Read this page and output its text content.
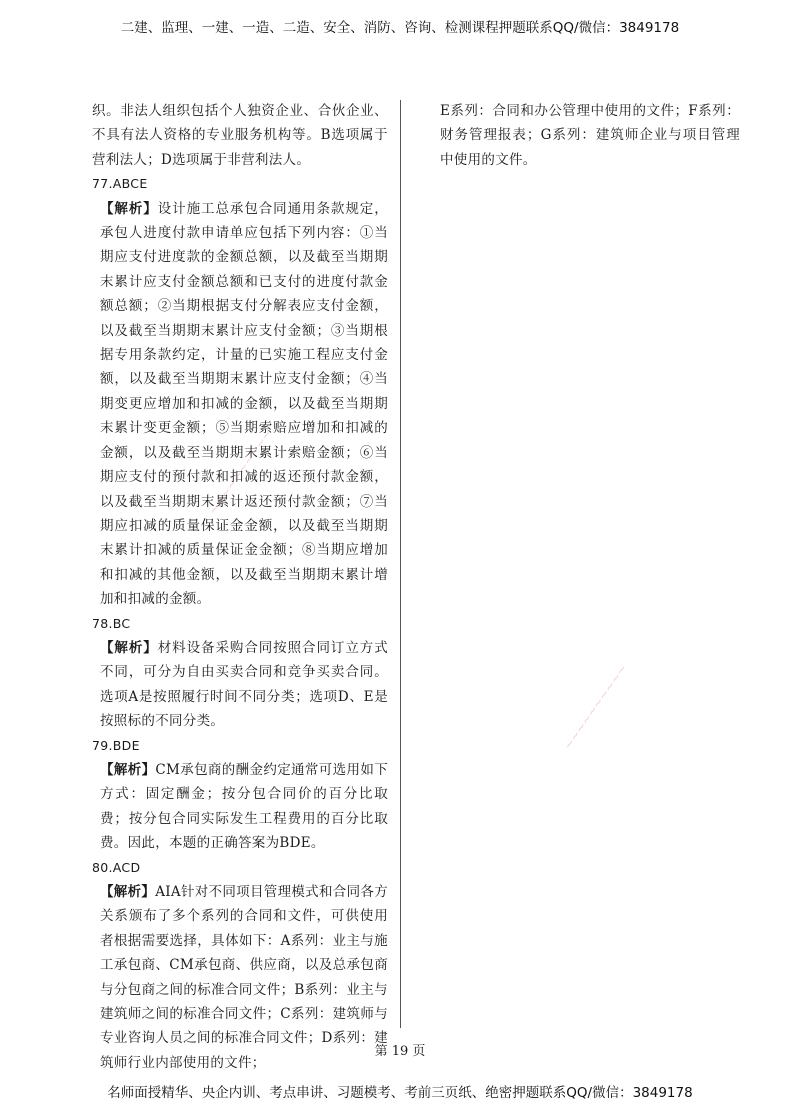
二建、监理、一建、一造、二造、安全、消防、咨询、检测课程押题联系QQ/微信：3849178

织。非法人组织包括个人独资企业、合伙企业、不具有法人资格的专业服务机构等。B选项属于营利法人；D选项属于非营利法人。

77.ABCE

【解析】设计施工总承包合同通用条款规定，承包人进度付款申请单应包括下列内容：①当期应支付进度款的金额总额，以及截至当期期末累计应支付金额总额和已支付的进度付款金额总额；②当期根据支付分解表应支付金额，以及截至当期期末累计应支付金额；③当期根据专用条款约定，计量的已实施工程应支付金额，以及截至当期期末累计应支付金额；④当期变更应增加和扣减的金额，以及截至当期期末累计变更金额；⑤当期索赔应增加和扣减的金额，以及截至当期期末累计索赔金额；⑥当期应支付的预付款和扣减的返还预付款金额，以及截至当期期末累计返还预付款金额；⑦当期应扣减的质量保证金金额，以及截至当期期末累计扣减的质量保证金金额；⑧当期应增加和扣减的其他金额，以及截至当期期末累计增加和扣减的金额。

78.BC

【解析】材料设备采购合同按照合同订立方式不同，可分为自由买卖合同和竞争买卖合同。选项A是按照履行时间不同分类；选项D、E是按照标的不同分类。

79.BDE

【解析】CM承包商的酬金约定通常可选用如下方式：固定酬金；按分包合同价的百分比取费；按分包合同实际发生工程费用的百分比取费。因此，本题的正确答案为BDE。

80.ACD

【解析】AIA针对不同项目管理模式和合同各方关系颁布了多个系列的合同和文件，可供使用者根据需要选择，具体如下：A系列：业主与施工承包商、CM承包商、供应商，以及总承包商与分包商之间的标准合同文件；B系列：业主与建筑师之间的标准合同文件；C系列：建筑师与专业咨询人员之间的标准合同文件；D系列：建筑师行业内部使用的文件；

E系列：合同和办公管理中使用的文件；F系列：财务管理报表；G系列：建筑师企业与项目管理中使用的文件。

~~~~~~~~~~
~~~~~~~~~~
第 19 页
名师面授精华、央企内训、考点串讲、习题模考、考前三页纸、绝密押题联系QQ/微信：3849178
